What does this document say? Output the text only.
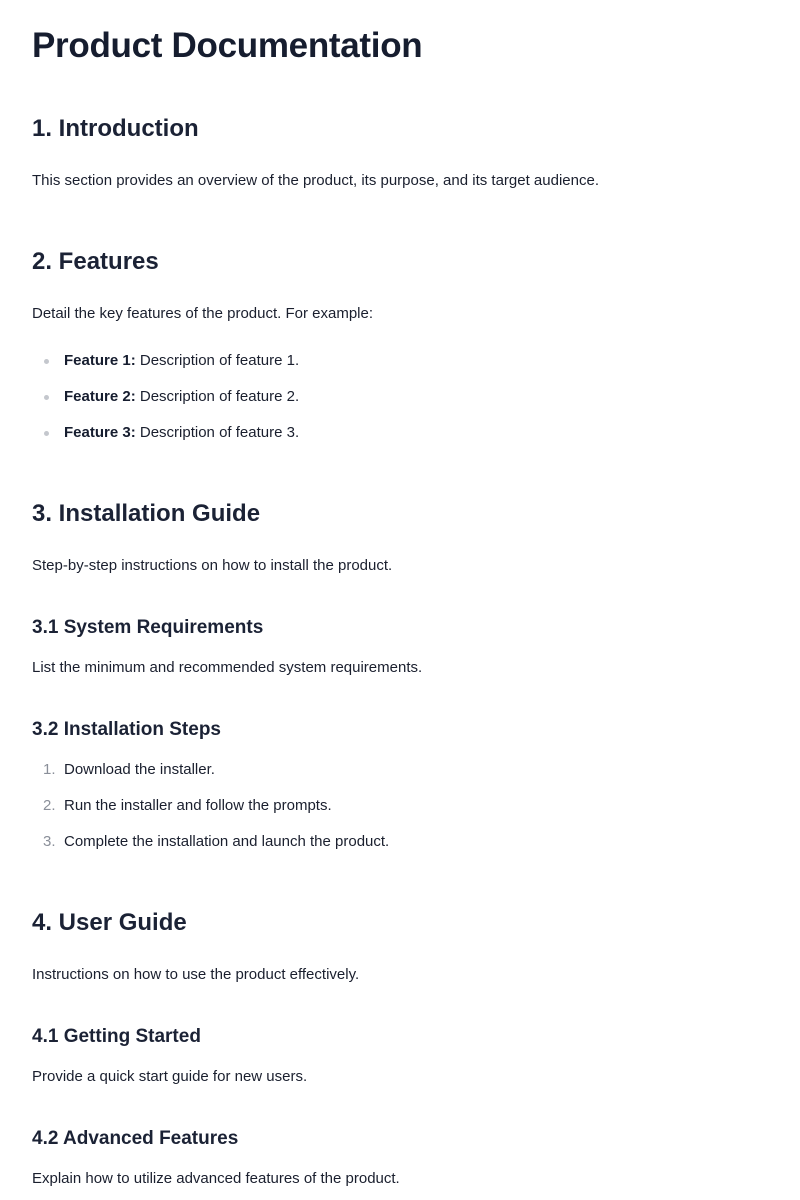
Product Documentation
1. Introduction

This section provides an overview of the product, its purpose, and its target audience.

2. Features

Detail the key features of the product. For example:

Feature 1: Description of feature 1.
Feature 2: Description of feature 2.
Feature 3: Description of feature 3.
3. Installation Guide

Step-by-step instructions on how to install the product.

3.1 System Requirements

List the minimum and recommended system requirements.

3.2 Installation Steps
1. Download the installer.
2. Run the installer and follow the prompts.
3. Complete the installation and launch the product.
4. User Guide

Instructions on how to use the product effectively.

4.1 Getting Started

Provide a quick start guide for new users.

4.2 Advanced Features

Explain how to utilize advanced features of the product.
